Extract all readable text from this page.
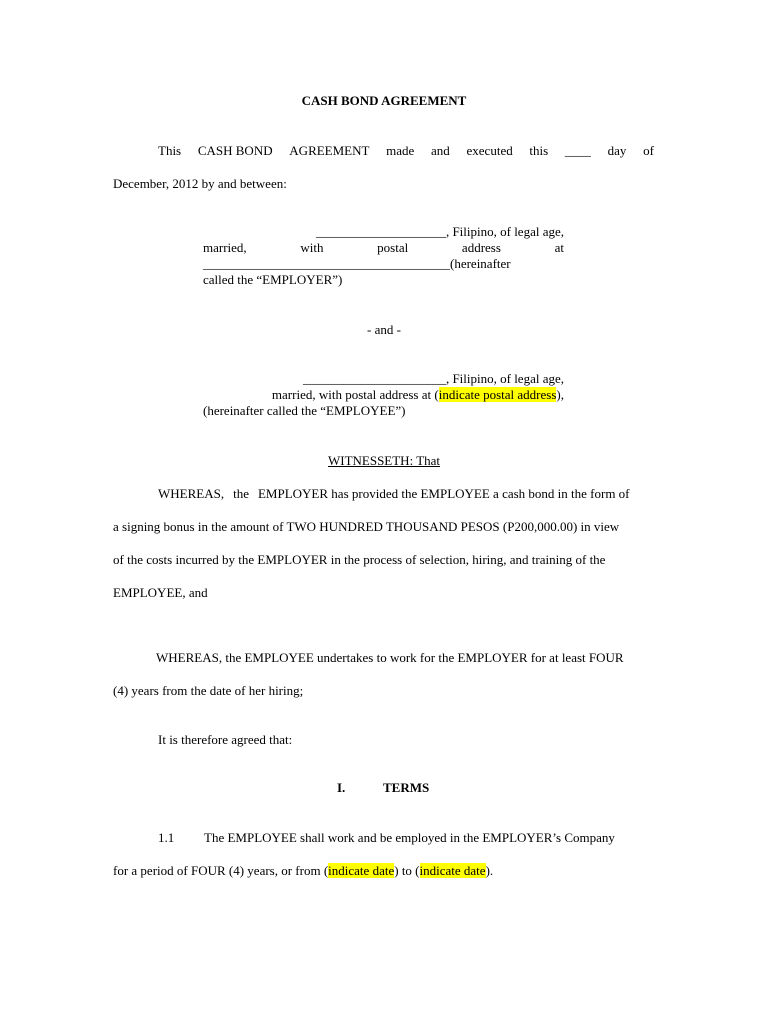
CASH BOND AGREEMENT
This CASH BOND AGREEMENT made and executed this ____ day of
December, 2012 by and between:
____________________, Filipino, of legal age,
married,	with	postal	address	at
______________________________________(hereinafter
called the “EMPLOYER”)
- and -
______________________, Filipino, of legal age,
married, with postal address at (indicate postal address),
(hereinafter called the “EMPLOYEE”)
WITNESSETH: That
WHEREAS, the EMPLOYER has provided the EMPLOYEE a cash bond in the form of
a signing bonus in the amount of TWO HUNDRED THOUSAND PESOS (P200,000.00) in view
of the costs incurred by the EMPLOYER in the process of selection, hiring, and training of the
EMPLOYEE, and
WHEREAS, the EMPLOYEE undertakes to work for the EMPLOYER for at least FOUR
(4) years from the date of her hiring;
It is therefore agreed that:
I.	TERMS
1.1 The EMPLOYEE shall work and be employed in the EMPLOYER’s Company
for a period of FOUR (4) years, or from (indicate date) to (indicate date).
